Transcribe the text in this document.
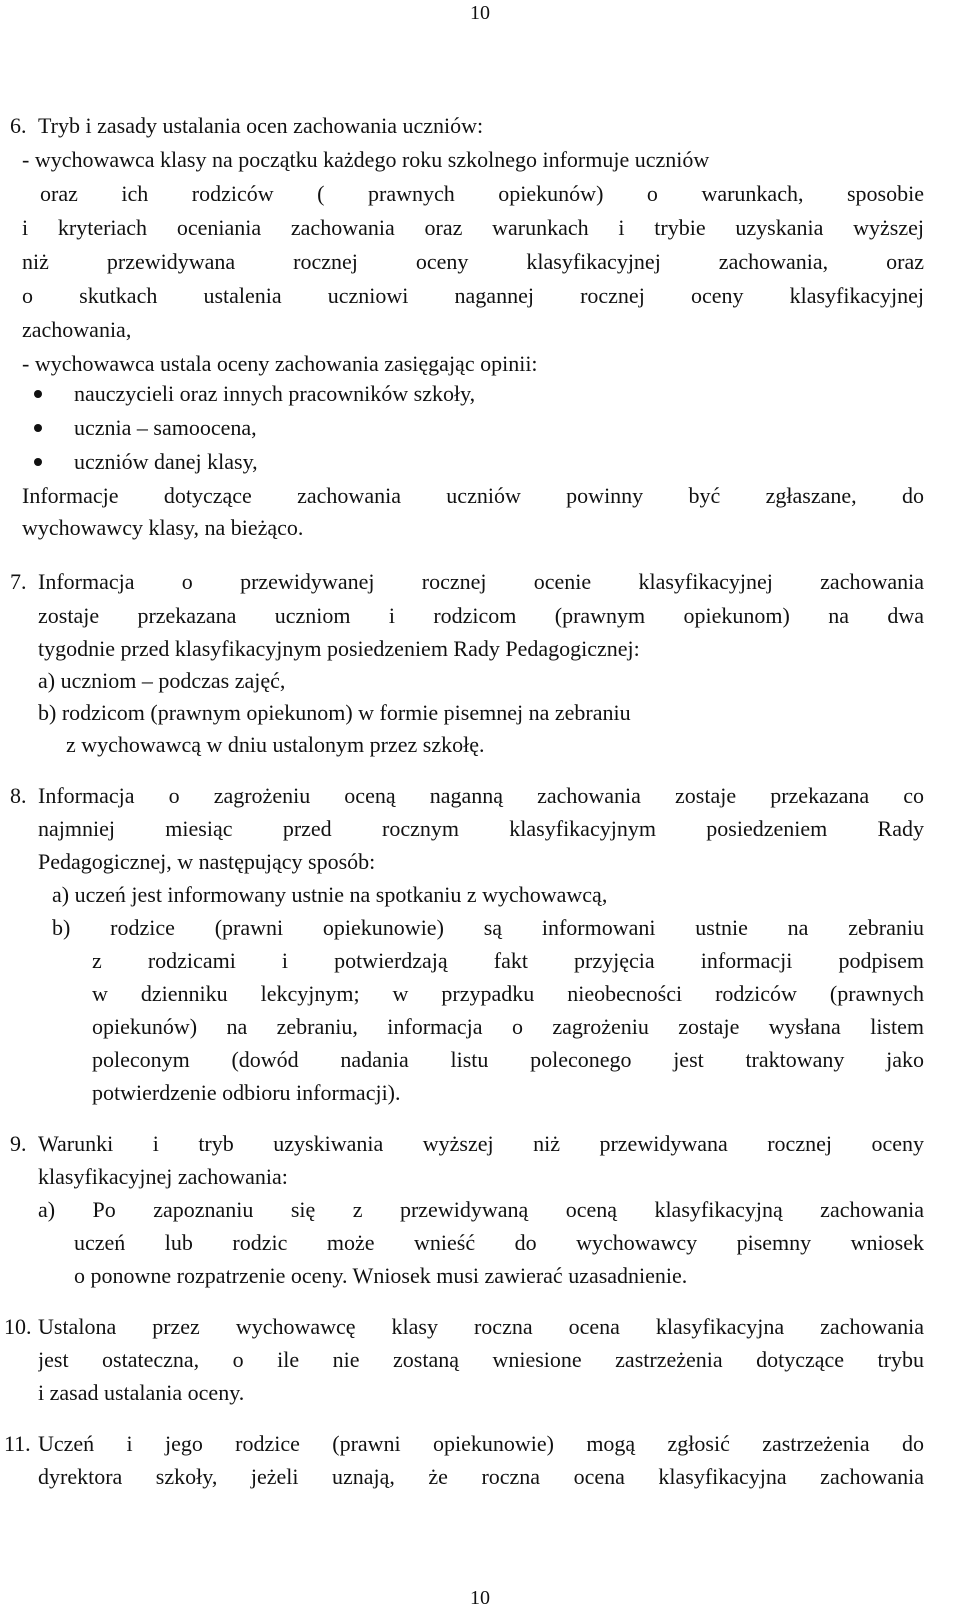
10
6. Tryb i zasady ustalania ocen zachowania uczniów:
- wychowawca klasy na początku każdego roku szkolnego informuje uczniów
oraz ich rodziców ( prawnych opiekunów) o warunkach, sposobie
i kryteriach oceniania zachowania oraz warunkach i trybie uzyskania wyższej
niż przewidywana rocznej oceny klasyfikacyjnej zachowania, oraz
o skutkach ustalenia uczniowi nagannej rocznej oceny klasyfikacyjnej
zachowania,
- wychowawca ustala oceny zachowania zasięgając opinii:
nauczycieli oraz innych pracowników szkoły,
ucznia – samoocena,
uczniów danej klasy,
Informacje dotyczące zachowania uczniów powinny być zgłaszane, do
wychowawcy klasy, na bieżąco.
7. Informacja o przewidywanej rocznej ocenie klasyfikacyjnej zachowania
zostaje przekazana uczniom i rodzicom (prawnym opiekunom) na dwa
tygodnie przed klasyfikacyjnym posiedzeniem Rady Pedagogicznej:
a) uczniom – podczas zajęć,
b) rodzicom (prawnym opiekunom) w formie pisemnej na zebraniu
z wychowawcą w dniu ustalonym przez szkołę.
8. Informacja o zagrożeniu oceną naganną zachowania zostaje przekazana co
najmniej miesiąc przed rocznym klasyfikacyjnym posiedzeniem Rady
Pedagogicznej, w następujący sposób:
a) uczeń jest informowany ustnie na spotkaniu z wychowawcą,
b) rodzice (prawni opiekunowie) są informowani ustnie na zebraniu
z rodzicami i potwierdzają fakt przyjęcia informacji podpisem
w dzienniku lekcyjnym; w przypadku nieobecności rodziców (prawnych
opiekunów) na zebraniu, informacja o zagrożeniu zostaje wysłana listem
poleconym (dowód nadania listu poleconego jest traktowany jako
potwierdzenie odbioru informacji).
9. Warunki i tryb uzyskiwania wyższej niż przewidywana rocznej oceny
klasyfikacyjnej zachowania:
a) Po zapoznaniu się z przewidywaną oceną klasyfikacyjną zachowania
uczeń lub rodzic może wnieść do wychowawcy pisemny wniosek
o ponowne rozpatrzenie oceny. Wniosek musi zawierać uzasadnienie.
10. Ustalona przez wychowawcę klasy roczna ocena klasyfikacyjna zachowania
jest ostateczna, o ile nie zostaną wniesione zastrzeżenia dotyczące trybu
i zasad ustalania oceny.
11. Uczeń i jego rodzice (prawni opiekunowie) mogą zgłosić zastrzeżenia do
dyrektora szkoły, jeżeli uznają, że roczna ocena klasyfikacyjna zachowania
10
